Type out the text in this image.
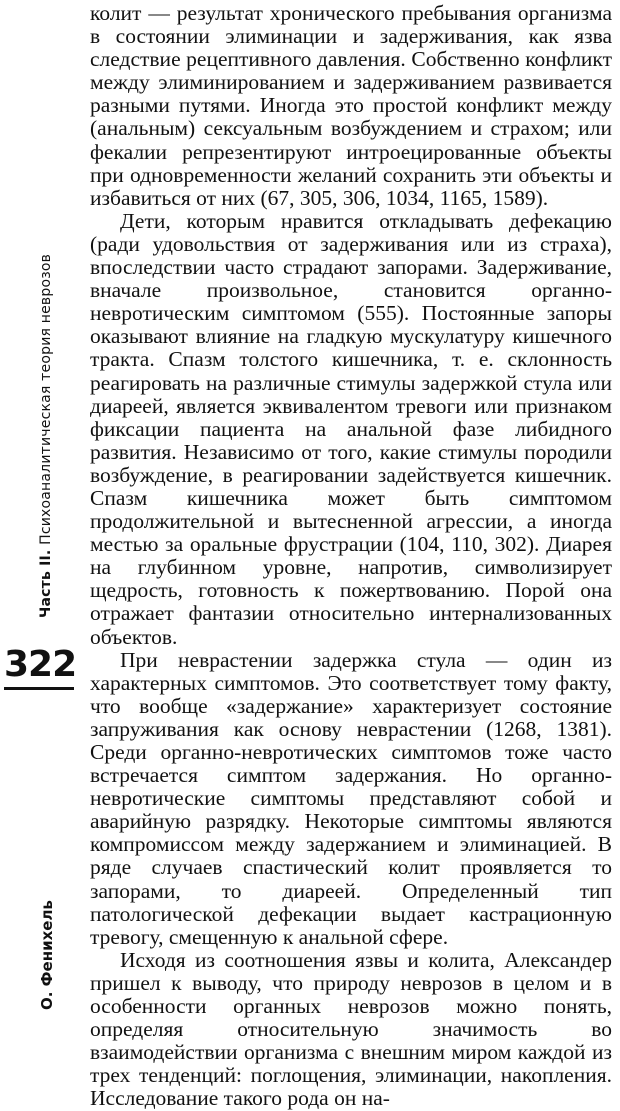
Часть II. Психоаналитическая теория неврозов
322
О. Фенихель

колит — результат хронического пребывания организма в состоянии элиминации и задерживания, как язва следствие рецептивного давления. Собственно конфликт между элиминированием и задерживанием развивается разными путями. Иногда это простой конфликт между (анальным) сексуальным возбуждением и страхом; или фекалии репрезентируют интроецированные объекты при одновременности желаний сохранить эти объекты и избавиться от них (67, 305, 306, 1034, 1165, 1589).

Дети, которым нравится откладывать дефекацию (ради удовольствия от задерживания или из страха), впоследствии часто страдают запорами. Задерживание, вначале произвольное, становится органно-невротическим симптомом (555). Постоянные запоры оказывают влияние на гладкую мускулатуру кишечного тракта. Спазм толстого кишечника, т. е. склонность реагировать на различные стимулы задержкой стула или диареей, является эквивалентом тревоги или признаком фиксации пациента на анальной фазе либидного развития. Независимо от того, какие стимулы породили возбуждение, в реагировании задействуется кишечник. Спазм кишечника может быть симптомом продолжительной и вытесненной агрессии, а иногда местью за оральные фрустрации (104, 110, 302). Диарея на глубинном уровне, напротив, символизирует щедрость, готовность к пожертвованию. Порой она отражает фантазии относительно интернализованных объектов.

При неврастении задержка стула — один из характерных симптомов. Это соответствует тому факту, что вообще «задержание» характеризует состояние запруживания как основу неврастении (1268, 1381). Среди органно-невротических симптомов тоже часто встречается симптом задержания. Но органно-невротические симптомы представляют собой и аварийную разрядку. Некоторые симптомы являются компромиссом между задержанием и элиминацией. В ряде случаев спастический колит проявляется то запорами, то диареей. Определенный тип патологической дефекации выдает кастрационную тревогу, смещенную к анальной сфере.

Исходя из соотношения язвы и колита, Александер пришел к выводу, что природу неврозов в целом и в особенности органных неврозов можно понять, определяя относительную значимость во взаимодействии организма с внешним миром каждой из трех тенденций: поглощения, элиминации, накопления. Исследование такого рода он на-
